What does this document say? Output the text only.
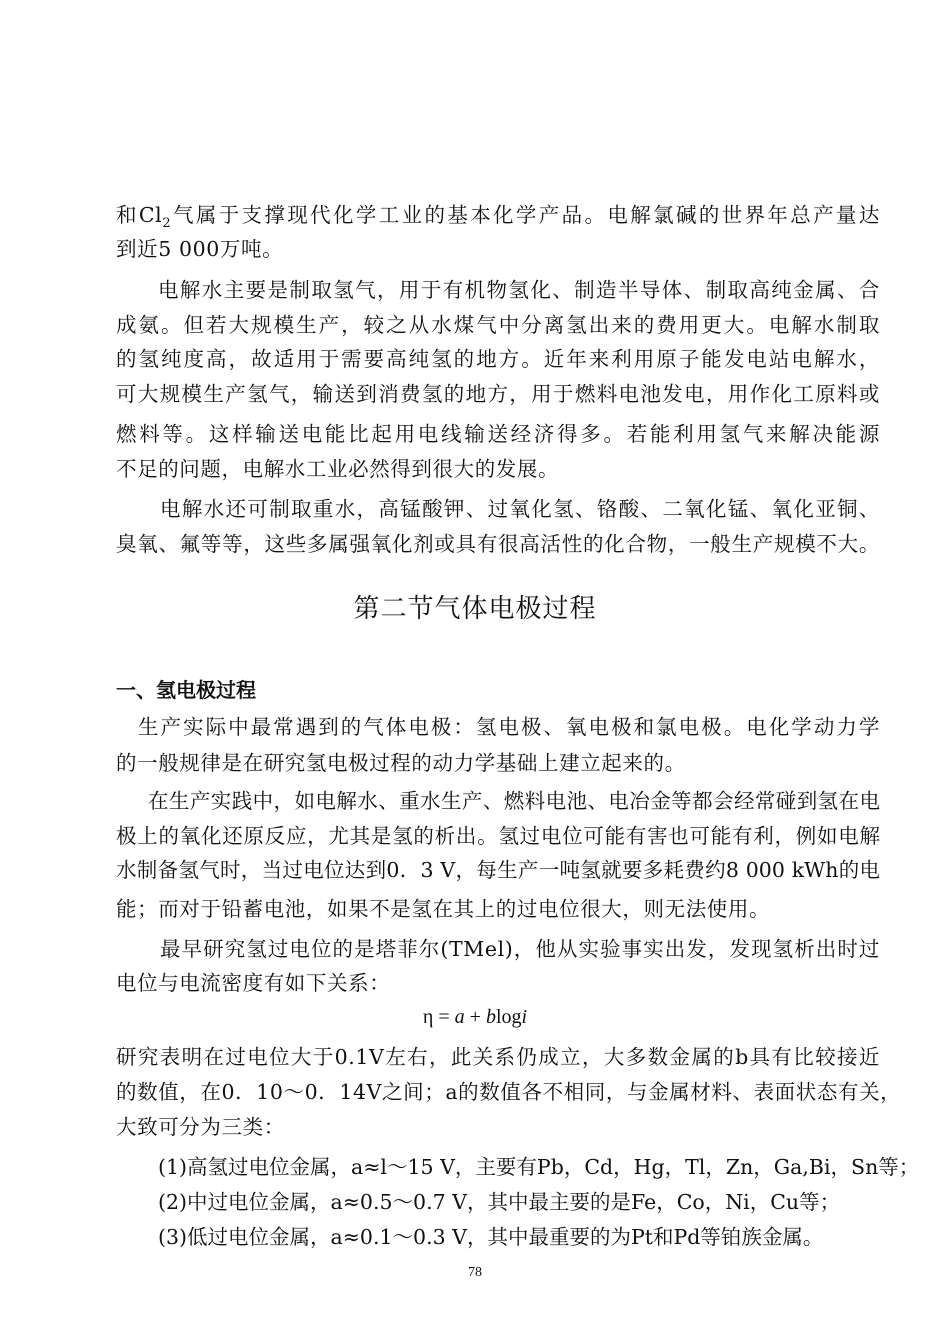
和$Cl_2$气属于支撑现代化学工业的基本化学产品。电解氯碱的世界年总产量达
到近5 000万吨。
电解水主要是制取氢气，用于有机物氢化、制造半导体、制取高纯金属、合
成氨。但若大规模生产，较之从水煤气中分离氢出来的费用更大。电解水制取
的氢纯度高，故适用于需要高纯氢的地方。近年来利用原子能发电站电解水，
可大规模生产氢气，输送到消费氢的地方，用于燃料电池发电，用作化工原料或
燃料等。这样输送电能比起用电线输送经济得多。若能利用氢气来解决能源
不足的问题，电解水工业必然得到很大的发展。
电解水还可制取重水，高锰酸钾、过氧化氢、铬酸、二氧化锰、氧化亚铜、
臭氧、氟等等，这些多属强氧化剂或具有很高活性的化合物，一般生产规模不大。
第二节气体电极过程
一、氢电极过程
生产实际中最常遇到的气体电极：氢电极、氧电极和氯电极。电化学动力学
的一般规律是在研究氢电极过程的动力学基础上建立起来的。
在生产实践中，如电解水、重水生产、燃料电池、电冶金等都会经常碰到氢在电
极上的氧化还原反应，尤其是氢的析出。氢过电位可能有害也可能有利，例如电解
水制备氢气时，当过电位达到0．3 V，每生产一吨氢就要多耗费约8 000 kWh的电
能；而对于铅蓄电池，如果不是氢在其上的过电位很大，则无法使用。
最早研究氢过电位的是塔菲尔(TMel)，他从实验事实出发，发现氢析出时过
电位与电流密度有如下关系：
η = a + blogi
研究表明在过电位大于0.1V左右，此关系仍成立，大多数金属的b具有比较接近
的数值，在0．10～0．14V之间；a的数值各不相同，与金属材料、表面状态有关，
大致可分为三类：
(1)高氢过电位金属，a≈l～15 V，主要有Pb，Cd，Hg，Tl，Zn，Ga,Bi，Sn等；
(2)中过电位金属，a≈0.5～0.7 V，其中最主要的是Fe，Co，Ni，Cu等；
(3)低过电位金属，a≈0.1～0.3 V，其中最重要的为Pt和Pd等铂族金属。
78
